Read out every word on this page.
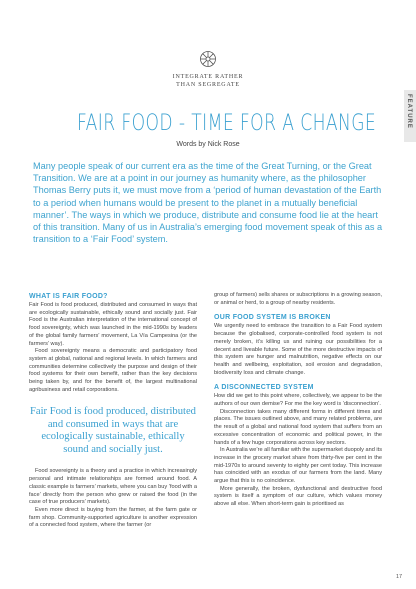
INTEGRATE RATHER
THAN SEGREGATE
FEATURE
FAIR FOOD - TIME FOR A CHANGE
Words by Nick Rose
Many people speak of our current era as the time of the Great Turning, or the Great Transition. We are at a point in our journey as humanity where, as the philosopher Thomas Berry puts it, we must move from a ‘period of human devastation of the Earth to a period when humans would be present to the planet in a mutually beneficial manner’. The ways in which we produce, distribute and consume food lie at the heart of this transition. Many of us in Australia’s emerging food movement speak of this as a transition to a ‘Fair Food’ system.
WHAT IS FAIR FOOD?

Fair Food is food produced, distributed and consumed in ways that are ecologically sustainable, ethically sound and socially just. Fair Food is the Australian interpretation of the international concept of food sovereignty, which was launched in the mid-1990s by leaders of the global family farmers’ movement, La Vía Campesina (or the farmers’ way).

Food sovereignty means a democratic and participatory food system at global, national and regional levels. In which farmers and communities determine collectively the purpose and design of their food systems for their own benefit, rather than the key decisions being taken by, and for the benefit of, the largest multinational agribusiness and retail corporations.

Fair Food is food produced, distributed and consumed in ways that are ecologically sustainable, ethically sound and socially just.

Food sovereignty is a theory and a practice in which increasingly personal and intimate relationships are formed around food. A classic example is farmers’ markets, where you can buy ‘food with a face’ directly from the person who grew or raised the food (in the case of true producers’ markets).

Even more direct is buying from the farmer, at the farm gate or farm shop. Community-supported agriculture is another expression of a connected food system, where the farmer (or

group of farmers) sells shares or subscriptions in a growing season, or animal or herd, to a group of nearby residents.

OUR FOOD SYSTEM IS BROKEN

We urgently need to embrace the transition to a Fair Food system because the globalised, corporate-controlled food system is not merely broken, it’s killing us and ruining our possibilities for a decent and liveable future. Some of the more destructive impacts of this system are hunger and malnutrition, negative effects on our health and wellbeing, exploitation, soil erosion and degradation, biodiversity loss and climate change.

A DISCONNECTED SYSTEM

How did we get to this point where, collectively, we appear to be the authors of our own demise? For me the key word is ‘disconnection’.

Disconnection takes many different forms in different times and places. The issues outlined above, and many related problems, are the result of a global and national food system that suffers from an excessive concentration of economic and political power, in the hands of a few huge corporations across key sectors.

In Australia we’re all familiar with the supermarket duopoly and its increase in the grocery market share from thirty-five per cent in the mid-1970s to around seventy to eighty per cent today. This increase has coincided with an exodus of our farmers from the land. Many argue that this is no coincidence.

More generally, the broken, dysfunctional and destructive food system is itself a symptom of our culture, which values money above all else. When short-term gain is prioritised as

17
